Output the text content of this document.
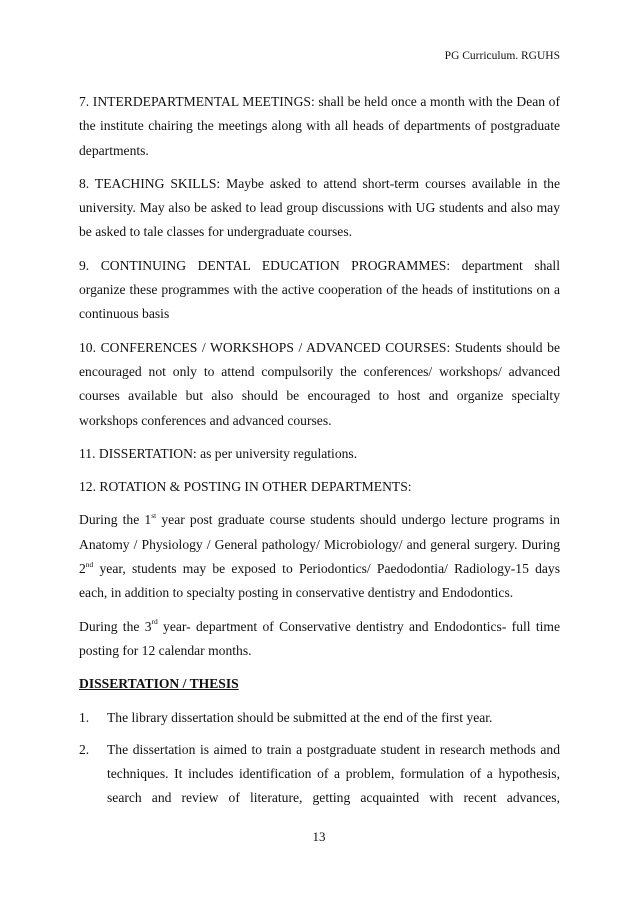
PG Curriculum. RGUHS

7. INTERDEPARTMENTAL MEETINGS: shall be held once a month with the Dean of the institute chairing the meetings along with all heads of departments of postgraduate departments.

8. TEACHING SKILLS: Maybe asked to attend short-term courses available in the university. May also be asked to lead group discussions with UG students and also may be asked to tale classes for undergraduate courses.

9. CONTINUING DENTAL EDUCATION PROGRAMMES: department shall organize these programmes with the active cooperation of the heads of institutions on a continuous basis

10. CONFERENCES / WORKSHOPS / ADVANCED COURSES: Students should be encouraged not only to attend compulsorily the conferences/ workshops/ advanced courses available but also should be encouraged to host and organize specialty workshops conferences and advanced courses.

11. DISSERTATION: as per university regulations.

12. ROTATION & POSTING IN OTHER DEPARTMENTS:

During the 1st year post graduate course students should undergo lecture programs in Anatomy / Physiology / General pathology/ Microbiology/ and general surgery. During 2nd year, students may be exposed to Periodontics/ Paedodontia/ Radiology-15 days each, in addition to specialty posting in conservative dentistry and Endodontics.

During the 3rd year- department of Conservative dentistry and Endodontics- full time posting for 12 calendar months.

DISSERTATION / THESIS
1.	The library dissertation should be submitted at the end of the first year.
2.	The dissertation is aimed to train a postgraduate student in research methods and techniques. It includes identification of a problem, formulation of a hypothesis, search and review of literature, getting acquainted with recent advances,
13
